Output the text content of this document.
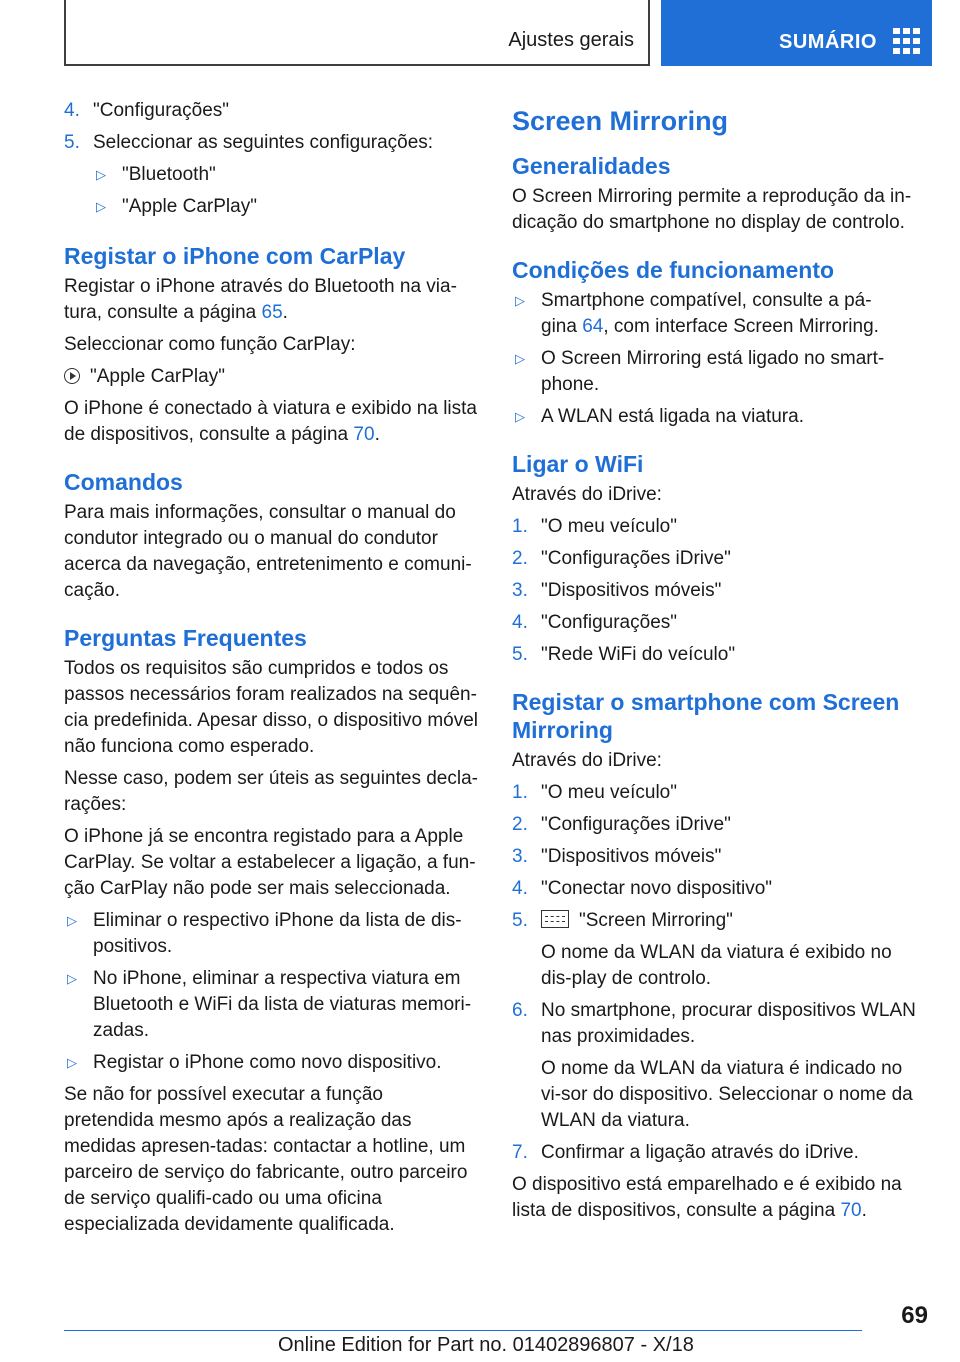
Ajustes gerais	SUMÁRIO
4. "Configurações"
5. Seleccionar as seguintes configurações:
▷ "Bluetooth"
▷ "Apple CarPlay"
Registar o iPhone com CarPlay

Registar o iPhone através do Bluetooth na via-
tura, consulte a página 65.

Seleccionar como função CarPlay:

"Apple CarPlay"

O iPhone é conectado à viatura e exibido na lista
de dispositivos, consulte a página 70.

Comandos

Para mais informações, consultar o manual do condutor integrado ou o manual do condutor acerca da navegação, entretenimento e comuni-cação.

Perguntas Frequentes

Todos os requisitos são cumpridos e todos os passos necessários foram realizados na sequên-cia predefinida. Apesar disso, o dispositivo móvel não funciona como esperado.

Nesse caso, podem ser úteis as seguintes decla-rações:

O iPhone já se encontra registado para a Apple CarPlay. Se voltar a estabelecer a ligação, a fun-ção CarPlay não pode ser mais seleccionada.

▷ Eliminar o respectivo iPhone da lista de dis-positivos.
▷ No iPhone, eliminar a respectiva viatura em Bluetooth e WiFi da lista de viaturas memori-zadas.
▷ Registar o iPhone como novo dispositivo.

Se não for possível executar a função pretendida mesmo após a realização das medidas apresen-tadas: contactar a hotline, um parceiro de serviço do fabricante, outro parceiro de serviço qualifi-cado ou uma oficina especializada devidamente qualificada.

Screen Mirroring
Generalidades

O Screen Mirroring permite a reprodução da in-dicação do smartphone no display de controlo.

Condições de funcionamento
▷ Smartphone compatível, consulte a pá-
gina 64, com interface Screen Mirroring.
▷ O Screen Mirroring está ligado no smart-phone.
▷ A WLAN está ligada na viatura.
Ligar o WiFi

Através do iDrive:

1. "O meu veículo"
2. "Configurações iDrive"
3. "Dispositivos móveis"
4. "Configurações"
5. "Rede WiFi do veículo"
Registar o smartphone com Screen Mirroring

Através do iDrive:

1. "O meu veículo"
2. "Configurações iDrive"
3. "Dispositivos móveis"
4. "Conectar novo dispositivo"
5.	"Screen Mirroring"
O nome da WLAN da viatura é exibido no dis-play de controlo.
6. No smartphone, procurar dispositivos WLAN nas proximidades.
O nome da WLAN da viatura é indicado no vi-sor do dispositivo. Seleccionar o nome da WLAN da viatura.
7. Confirmar a ligação através do iDrive.

O dispositivo está emparelhado e é exibido na
lista de dispositivos, consulte a página 70.

69
Online Edition for Part no. 01402896807 - X/18
